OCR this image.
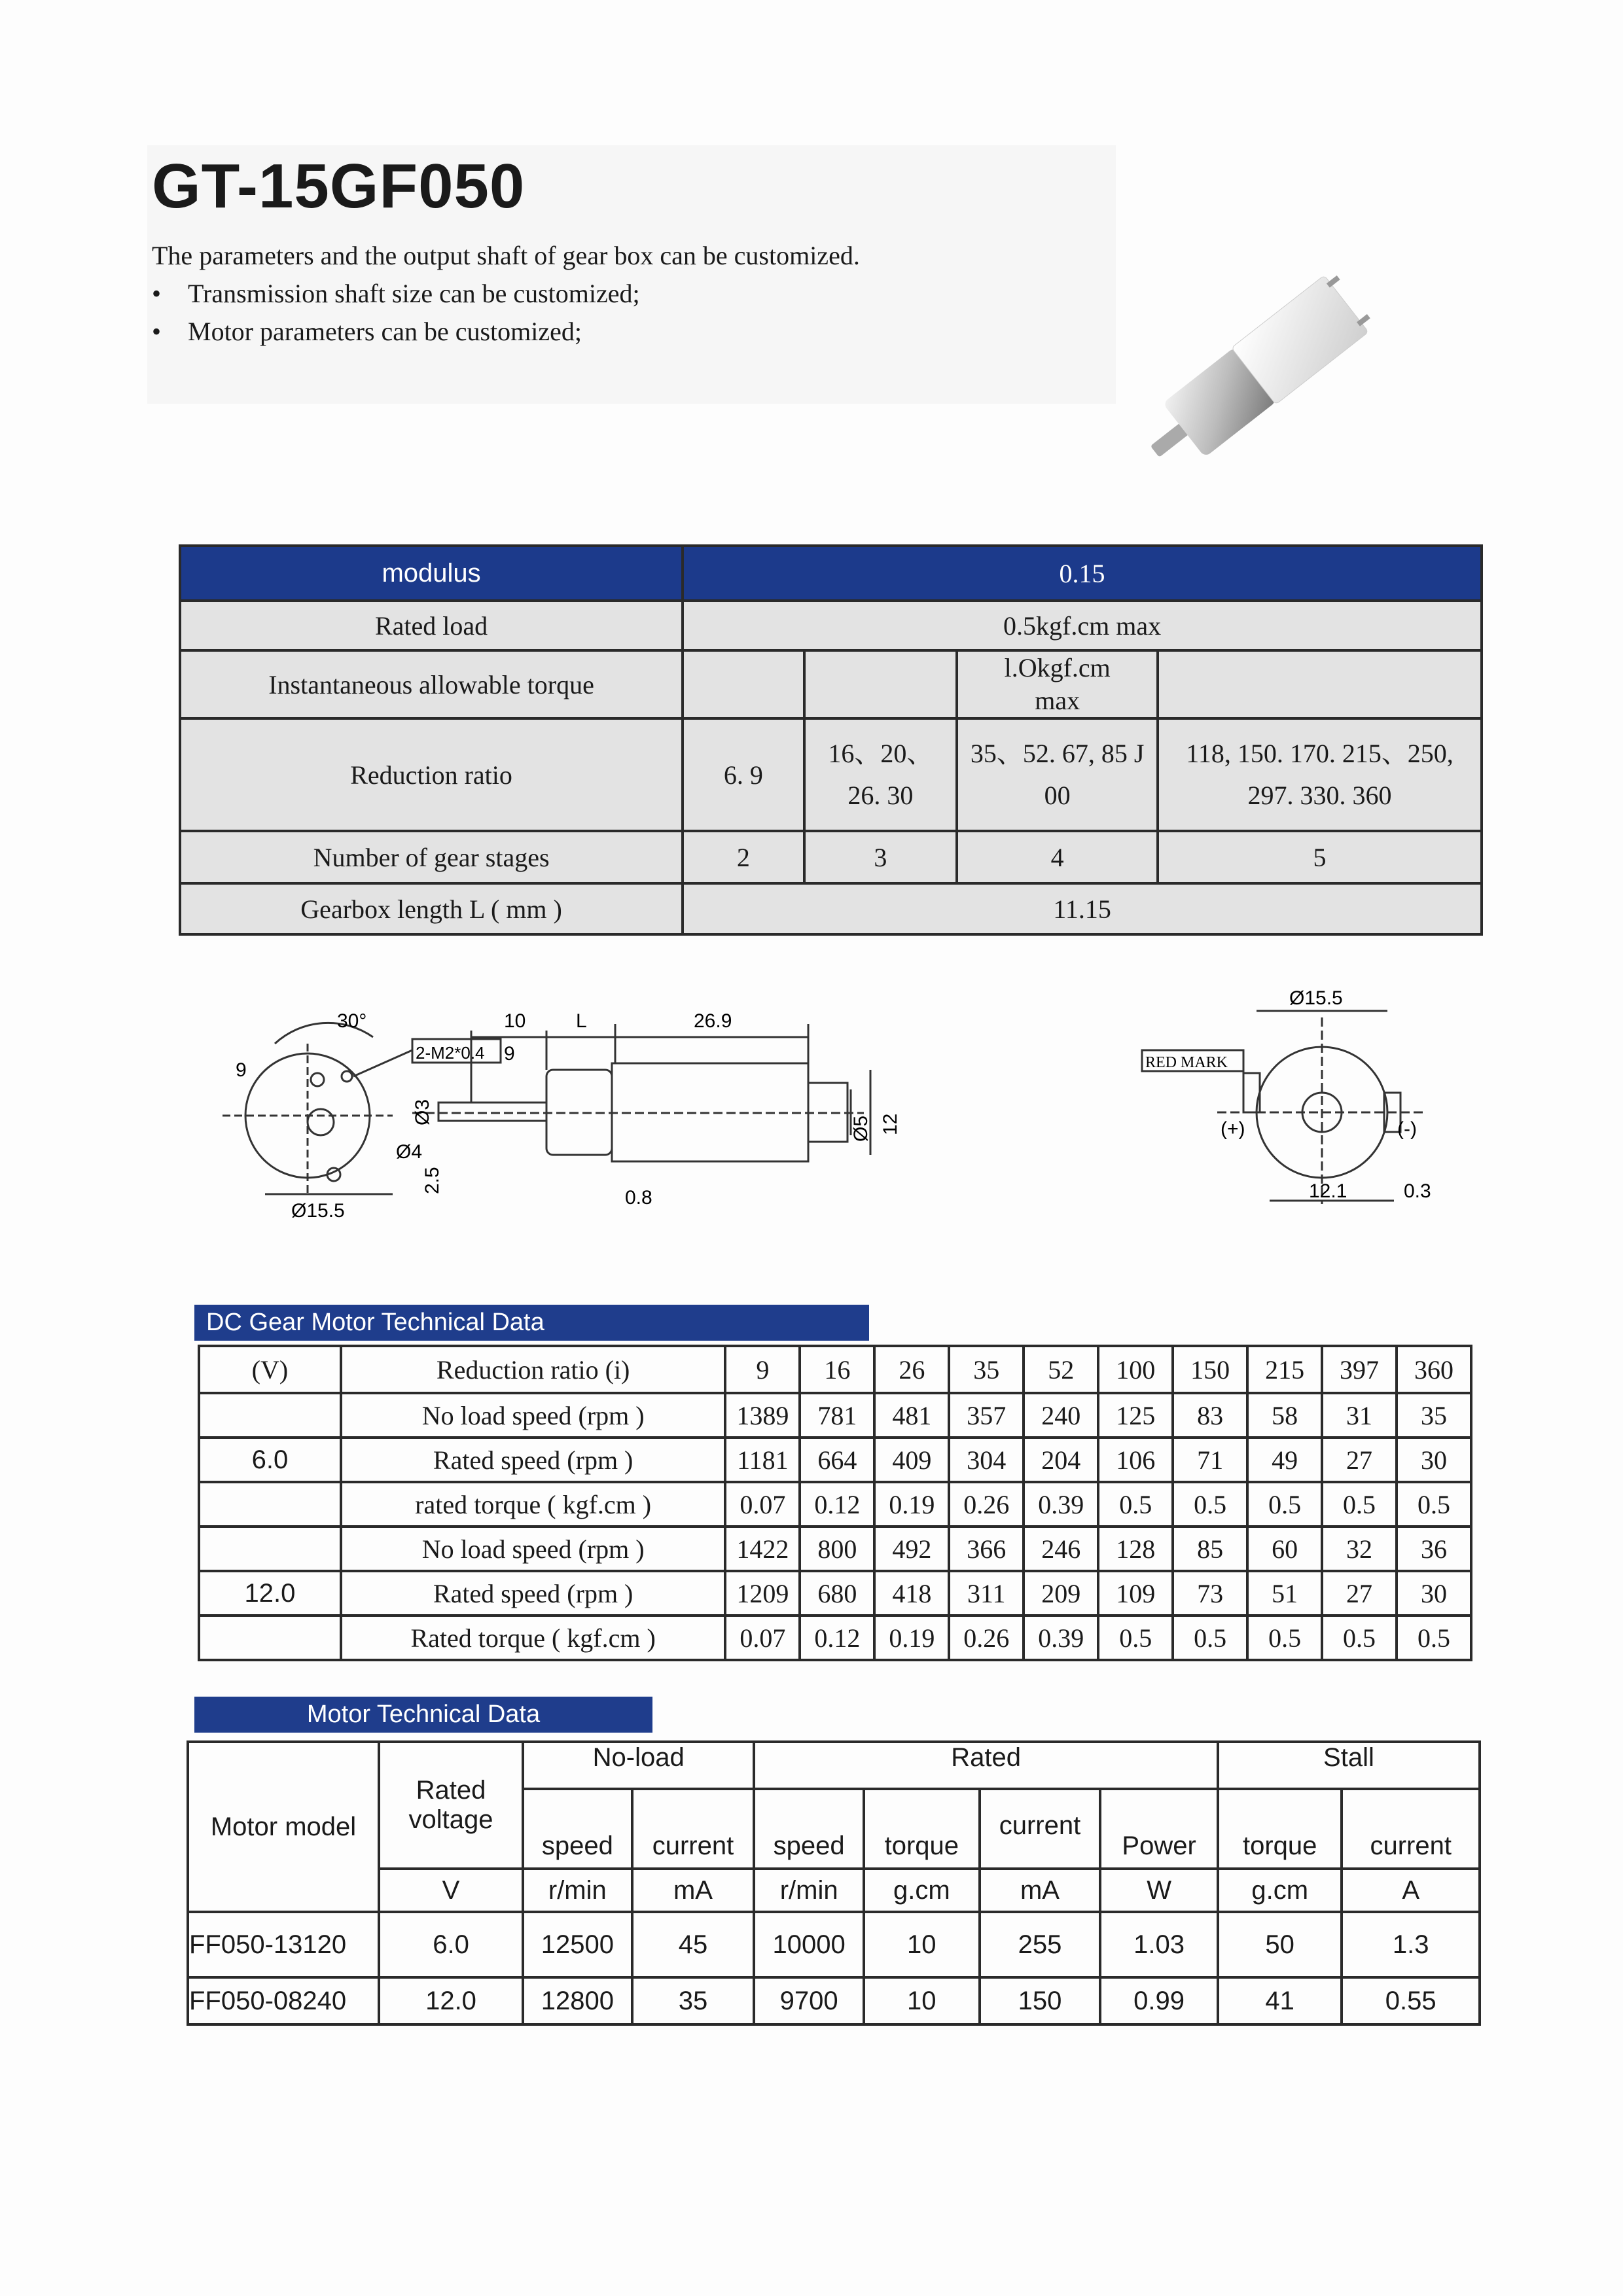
GT-15GF050
The parameters and the output shaft of gear box can be customized.
• Transmission shaft size can be customized;
• Motor parameters can be customized;
modulus	0.15			
Rated load	0.5kgf.cm max			
Instantaneous allowable torque			l.Okgf.cm max	
Reduction ratio	6. 9	16、20、26. 30	35、52. 67, 85 J 00	118, 150. 170. 215、250, 297. 330. 360
Number of gear stages	2	3	4	5
Gearbox length L ( mm )	11.15			
30°
2-M2*0.4
Ø15.5
Ø4
9
10	L	26.9
9
Ø3
2.5
0.8
Ø5 12
Ø15.5
RED MARK
(+)	(-)
12.1	0.3
DC Gear Motor Technical Data
(V)	Reduction ratio (i)	9	16	26	35	52	100	150	215	397	360
	No load speed (rpm )	1389	781	481	357	240	125	83	58	31	35
6.0	Rated speed (rpm )	1181	664	409	304	204	106	71	49	27	30
	rated torque ( kgf.cm )	0.07	0.12	0.19	0.26	0.39	0.5	0.5	0.5	0.5	0.5
	No load speed (rpm )	1422	800	492	366	246	128	85	60	32	36
12.0	Rated speed (rpm )	1209	680	418	311	209	109	73	51	27	30
	Rated torque ( kgf.cm )	0.07	0.12	0.19	0.26	0.39	0.5	0.5	0.5	0.5	0.5
Motor Technical Data
Motor model	Rated voltage	No-load		Rated				Stall	
		speed	current	speed	torque	current	Power	torque	current
	V	r/min	mA	r/min	g.cm	mA	W	g.cm	A
FF050-13120	6.0	12500	45	10000	10	255	1.03	50	1.3
FF050-08240	12.0	12800	35	9700	10	150	0.99	41	0.55
